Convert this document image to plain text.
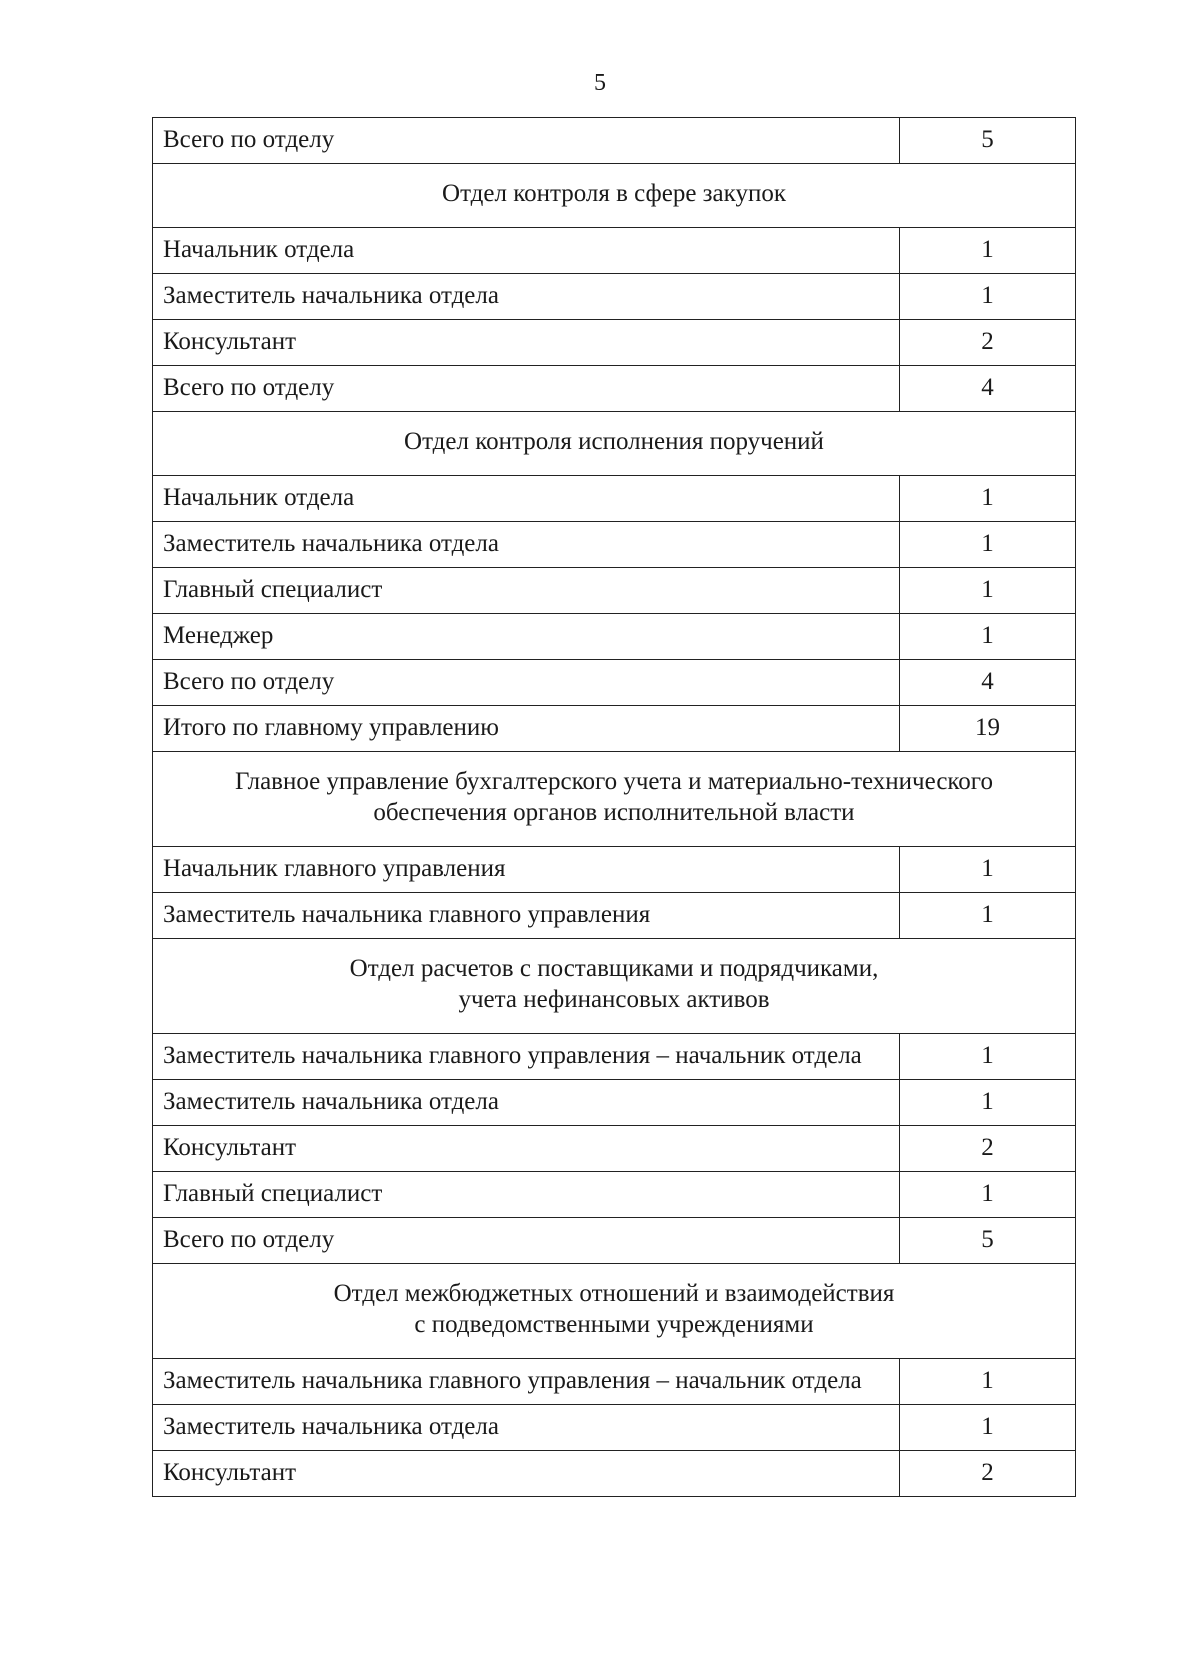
5
Всего по отделу	5

Отдел контроля в сфере закупок	

Начальник отдела	1
Заместитель начальника отдела	1
Консультант	2
Всего по отделу	4

Отдел контроля исполнения поручений	

Начальник отдела	1
Заместитель начальника отдела	1
Главный специалист	1
Менеджер	1
Всего по отделу	4
Итого по главному управлению	19

Главное управление бухгалтерского учета и материально-технического
обеспечения органов исполнительной власти	

Начальник главного управления	1
Заместитель начальника главного управления	1

Отдел расчетов с поставщиками и подрядчиками,
учета нефинансовых активов	

Заместитель начальника главного управления – начальник отдела	1
Заместитель начальника отдела	1
Консультант	2
Главный специалист	1
Всего по отделу	5

Отдел межбюджетных отношений и взаимодействия
с подведомственными учреждениями	

Заместитель начальника главного управления – начальник отдела	1
Заместитель начальника отдела	1
Консультант	2
